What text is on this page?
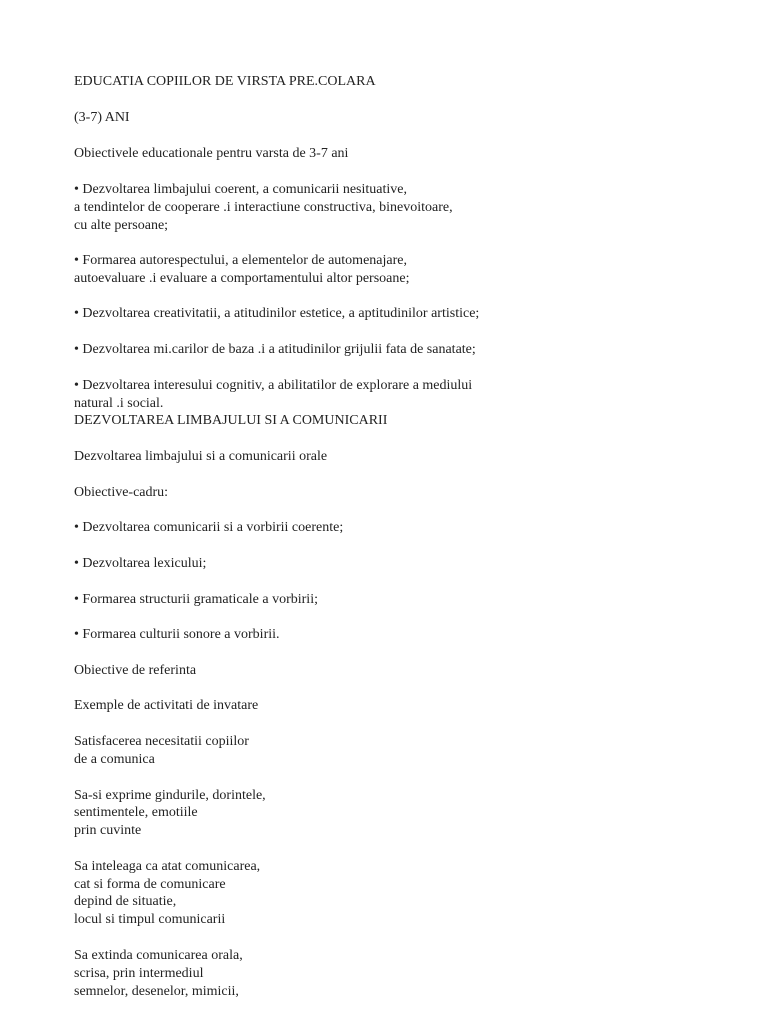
EDUCATIA COPIILOR DE VIRSTA PRE.COLARA

(3-7) ANI

Obiectivele educationale pentru varsta de 3-7 ani

• Dezvoltarea limbajului coerent, a comunicarii nesituative,

a tendintelor de cooperare .i interactiune constructiva, binevoitoare,

cu alte persoane;

• Formarea autorespectului, a elementelor de automenajare,

autoevaluare .i evaluare a comportamentului altor persoane;

• Dezvoltarea creativitatii, a atitudinilor estetice, a aptitudinilor artistice;

• Dezvoltarea mi.carilor de baza .i a atitudinilor grijulii fata de sanatate;

• Dezvoltarea interesului cognitiv, a abilitatilor de explorare a mediului

natural .i social.

DEZVOLTAREA LIMBAJULUI SI A COMUNICARII

Dezvoltarea limbajului si a comunicarii orale

Obiective-cadru:

• Dezvoltarea comunicarii si a vorbirii coerente;

• Dezvoltarea lexicului;

• Formarea structurii gramaticale a vorbirii;

• Formarea culturii sonore a vorbirii.

Obiective de referinta

Exemple de activitati de invatare

Satisfacerea necesitatii copiilor

de a comunica

Sa-si exprime gindurile, dorintele,

sentimentele, emotiile

prin cuvinte

Sa inteleaga ca atat comunicarea,

cat si forma de comunicare

depind de situatie,

locul si timpul comunicarii

Sa extinda comunicarea orala,

scrisa, prin intermediul

semnelor, desenelor, mimicii,
